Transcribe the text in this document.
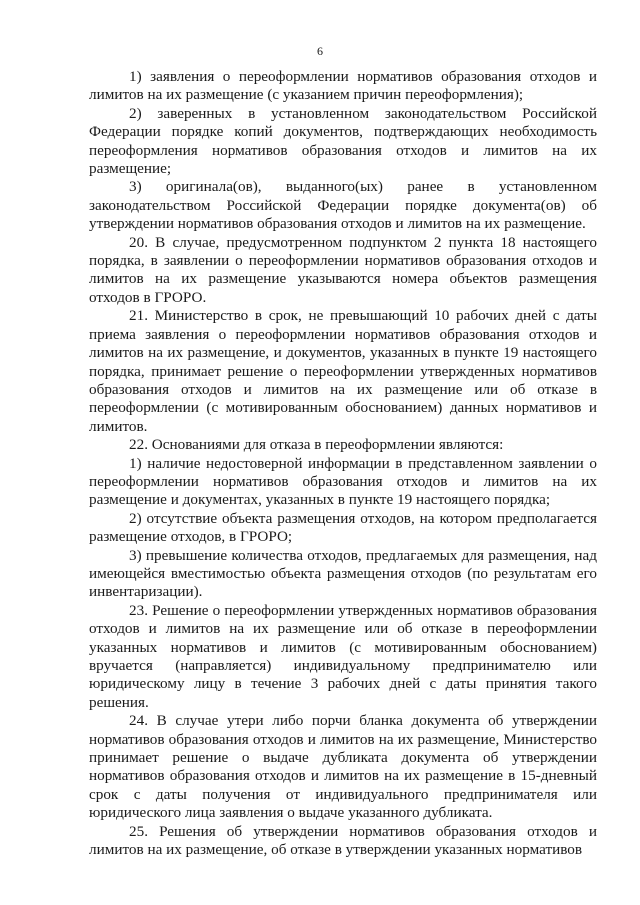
6

1) заявления о переоформлении нормативов образования отходов и лимитов на их размещение (с указанием причин переоформления);

2) заверенных в установленном законодательством Российской Федерации порядке копий документов, подтверждающих необходимость переоформления нормативов образования отходов и лимитов на их размещение;

3) оригинала(ов), выданного(ых) ранее в установленном законодательством Российской Федерации порядке документа(ов) об утверждении нормативов образования отходов и лимитов на их размещение.

20. В случае, предусмотренном подпунктом 2 пункта 18 настоящего порядка, в заявлении о переоформлении нормативов образования отходов и лимитов на их размещение указываются номера объектов размещения отходов в ГРОРО.

21. Министерство в срок, не превышающий 10 рабочих дней с даты приема заявления о переоформлении нормативов образования отходов и лимитов на их размещение, и документов, указанных в пункте 19 настоящего порядка, принимает решение о переоформлении утвержденных нормативов образования отходов и лимитов на их размещение или об отказе в переоформлении (с мотивированным обоснованием) данных нормативов и лимитов.

22. Основаниями для отказа в переоформлении являются:

1) наличие недостоверной информации в представленном заявлении о переоформлении нормативов образования отходов и лимитов на их размещение и документах, указанных в пункте 19 настоящего порядка;

2) отсутствие объекта размещения отходов, на котором предполагается размещение отходов, в ГРОРО;

3) превышение количества отходов, предлагаемых для размещения, над имеющейся вместимостью объекта размещения отходов (по результатам его инвентаризации).

23. Решение о переоформлении утвержденных нормативов образования отходов и лимитов на их размещение или об отказе в переоформлении указанных нормативов и лимитов (с мотивированным обоснованием) вручается (направляется) индивидуальному предпринимателю или юридическому лицу в течение 3 рабочих дней с даты принятия такого решения.

24. В случае утери либо порчи бланка документа об утверждении нормативов образования отходов и лимитов на их размещение, Министерство принимает решение о выдаче дубликата документа об утверждении нормативов образования отходов и лимитов на их размещение в 15-дневный срок с даты получения от индивидуального предпринимателя или юридического лица заявления о выдаче указанного дубликата.

25. Решения об утверждении нормативов образования отходов и лимитов на их размещение, об отказе в утверждении указанных нормативов
